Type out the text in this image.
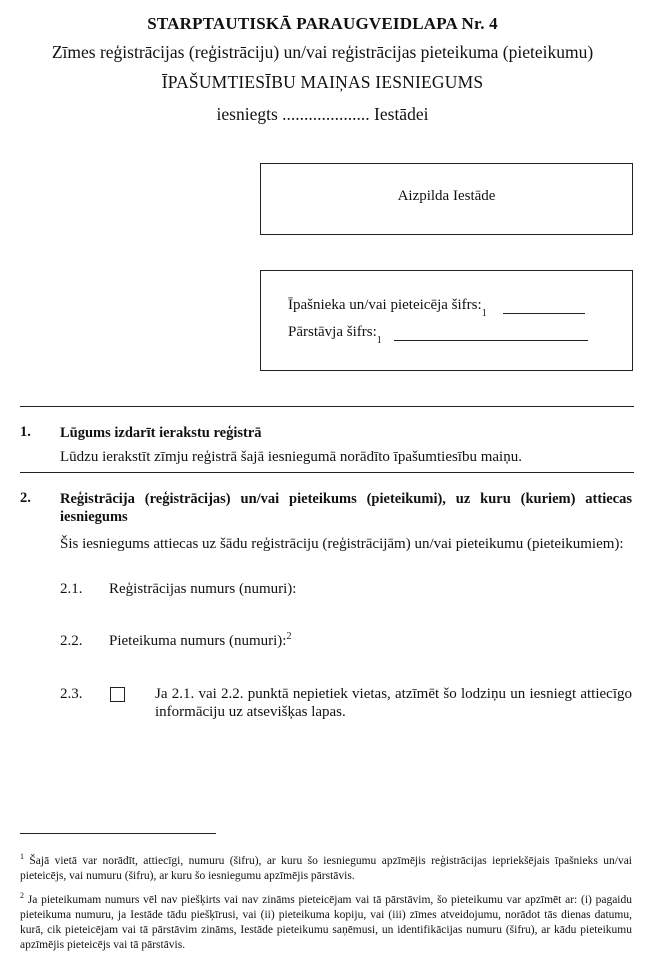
STARPTAUTISKĀ PARAUGVEIDLAPA Nr. 4
Zīmes reģistrācijas (reģistrāciju) un/vai reģistrācijas pieteikuma (pieteikumu)
ĪPAŠUMTIESĪBU MAIŅAS IESNIEGUMS
iesniegts .................... Iestādei
Aizpilda Iestāde
Īpašnieka un/vai pieteicēja šifrs:
1
Pārstāvja šifrs:
1
1. Lūgums izdarīt ierakstu reģistrā
Lūdzu ierakstīt zīmju reģistrā šajā iesniegumā norādīto īpašumtiesību maiņu.
2. Reģistrācija (reģistrācijas) un/vai pieteikums (pieteikumi), uz kuru (kuriem) attiecas iesniegums
Šis iesniegums attiecas uz šādu reģistrāciju (reģistrācijām) un/vai pieteikumu (pieteikumiem):
2.1. Reģistrācijas numurs (numuri):
2.2. Pieteikuma numurs (numuri):$^2$
2.3.	Ja 2.1. vai 2.2. punktā nepietiek vietas, atzīmēt šo lodziņu un iesniegt attiecīgo informāciju uz atsevišķas lapas.
$^1$ Šajā vietā var norādīt, attiecīgi, numuru (šifru), ar kuru šo iesniegumu apzīmējis reģistrācijas iepriekšējais īpašnieks un/vai pieteicējs, vai numuru (šifru), ar kuru šo iesniegumu apzīmējis pārstāvis.
$^2$ Ja pieteikumam numurs vēl nav piešķirts vai nav zināms pieteicējam vai tā pārstāvim, šo pieteikumu var apzīmēt ar: (i) pagaidu pieteikuma numuru, ja Iestāde tādu piešķīrusi, vai (ii) pieteikuma kopiju, vai (iii) zīmes atveidojumu, norādot tās dienas datumu, kurā, cik pieteicējam vai tā pārstāvim zināms, Iestāde pieteikumu saņēmusi, un identifikācijas numuru (šifru), ar kādu pieteikumu apzīmējis pieteicējs vai tā pārstāvis.
